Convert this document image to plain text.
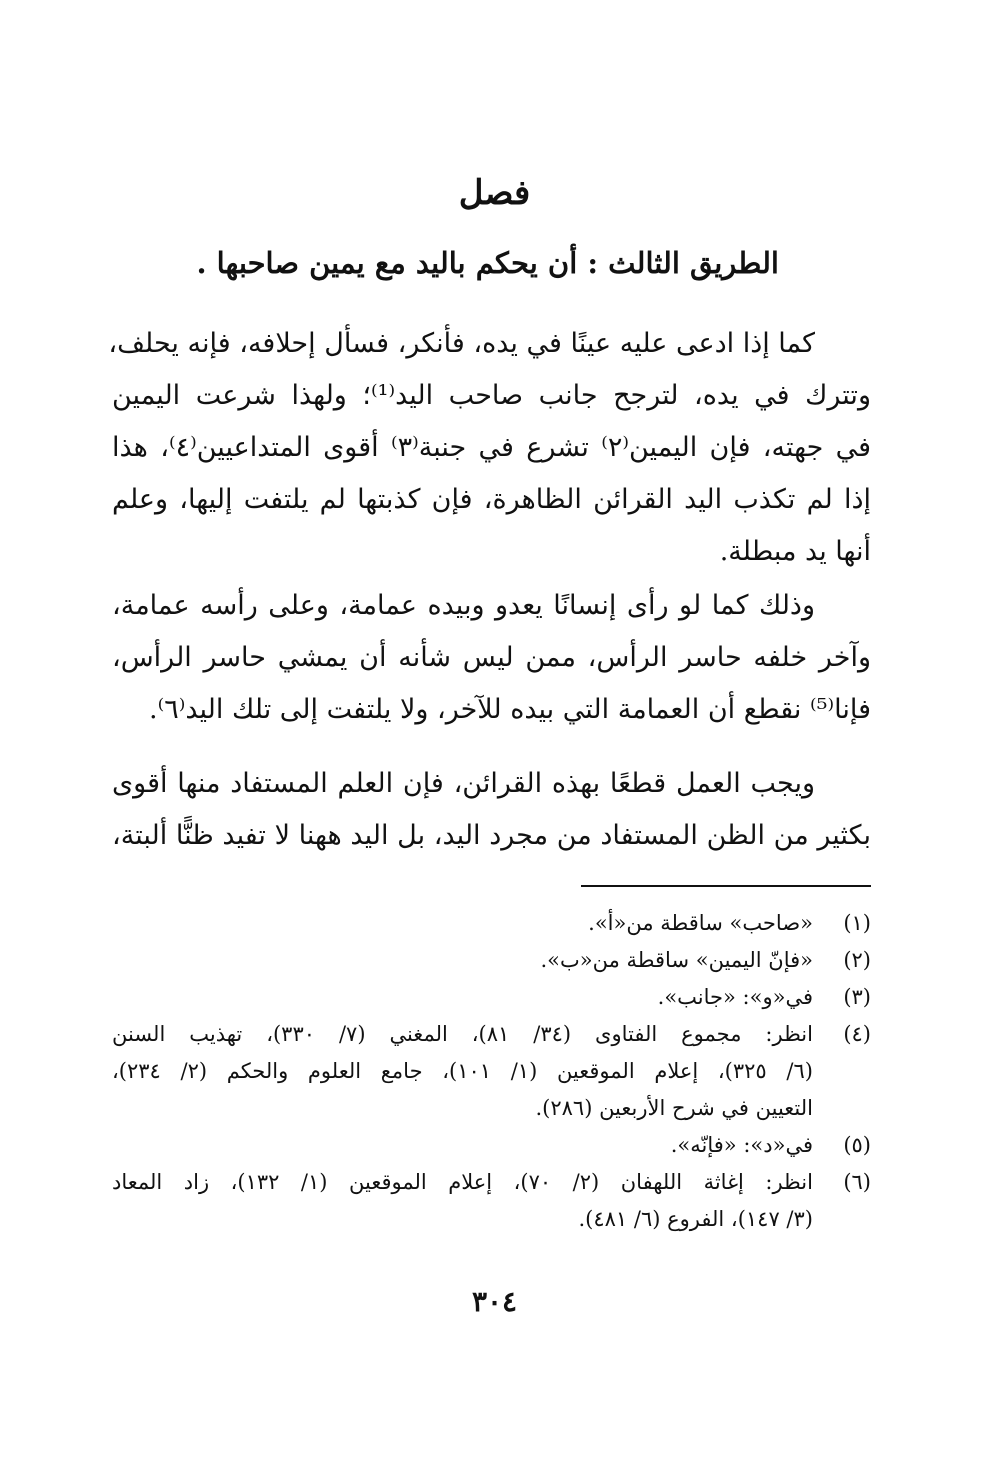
فصل
الطريق الثالث : أن يحكم باليد مع يمين صاحبها .
كما إذا ادعى عليه عينًا في يده، فأنكر، فسأل إحلافه، فإنه يحلف،
وتترك في يده، لترجح جانب صاحب اليد⁽¹⁾؛ ولهذا شرعت اليمين
في جهته، فإن اليمين⁽٢⁾ تشرع في جنبة⁽٣⁾ أقوى المتداعيين⁽٤⁾، هذا
إذا لم تكذب اليد القرائن الظاهرة، فإن كذبتها لم يلتفت إليها، وعلم
أنها يد مبطلة.
وذلك كما لو رأى إنسانًا يعدو وبيده عمامة، وعلى رأسه عمامة،
وآخر خلفه حاسر الرأس، ممن ليس شأنه أن يمشي حاسر الرأس،
فإنا⁽⁵⁾ نقطع أن العمامة التي بيده للآخر، ولا يلتفت إلى تلك اليد⁽٦⁾.
ويجب العمل قطعًا بهذه القرائن، فإن العلم المستفاد منها أقوى
بكثير من الظن المستفاد من مجرد اليد، بل اليد ههنا لا تفيد ظنًّا ألبتة،
(١)
«صاحب» ساقطة من«أ».
(٢)
«فإنّ اليمين» ساقطة من«ب».
(٣)
في«و»: «جانب».
(٤)
انظر: مجموع الفتاوى (٣٤/ ٨١)، المغني (٧/ ٣٣٠)، تهذيب السنن
(٦/ ٣٢٥)، إعلام الموقعين (١/ ١٠١)، جامع العلوم والحكم (٢/ ٢٣٤)،
التعيين في شرح الأربعين (٢٨٦).
(٥)
في«د»: «فإنّه».
(٦)
انظر: إغاثة اللهفان (٢/ ٧٠)، إعلام الموقعين (١/ ١٣٢)، زاد المعاد
(٣/ ١٤٧)، الفروع (٦/ ٤٨١).
٣٠٤
